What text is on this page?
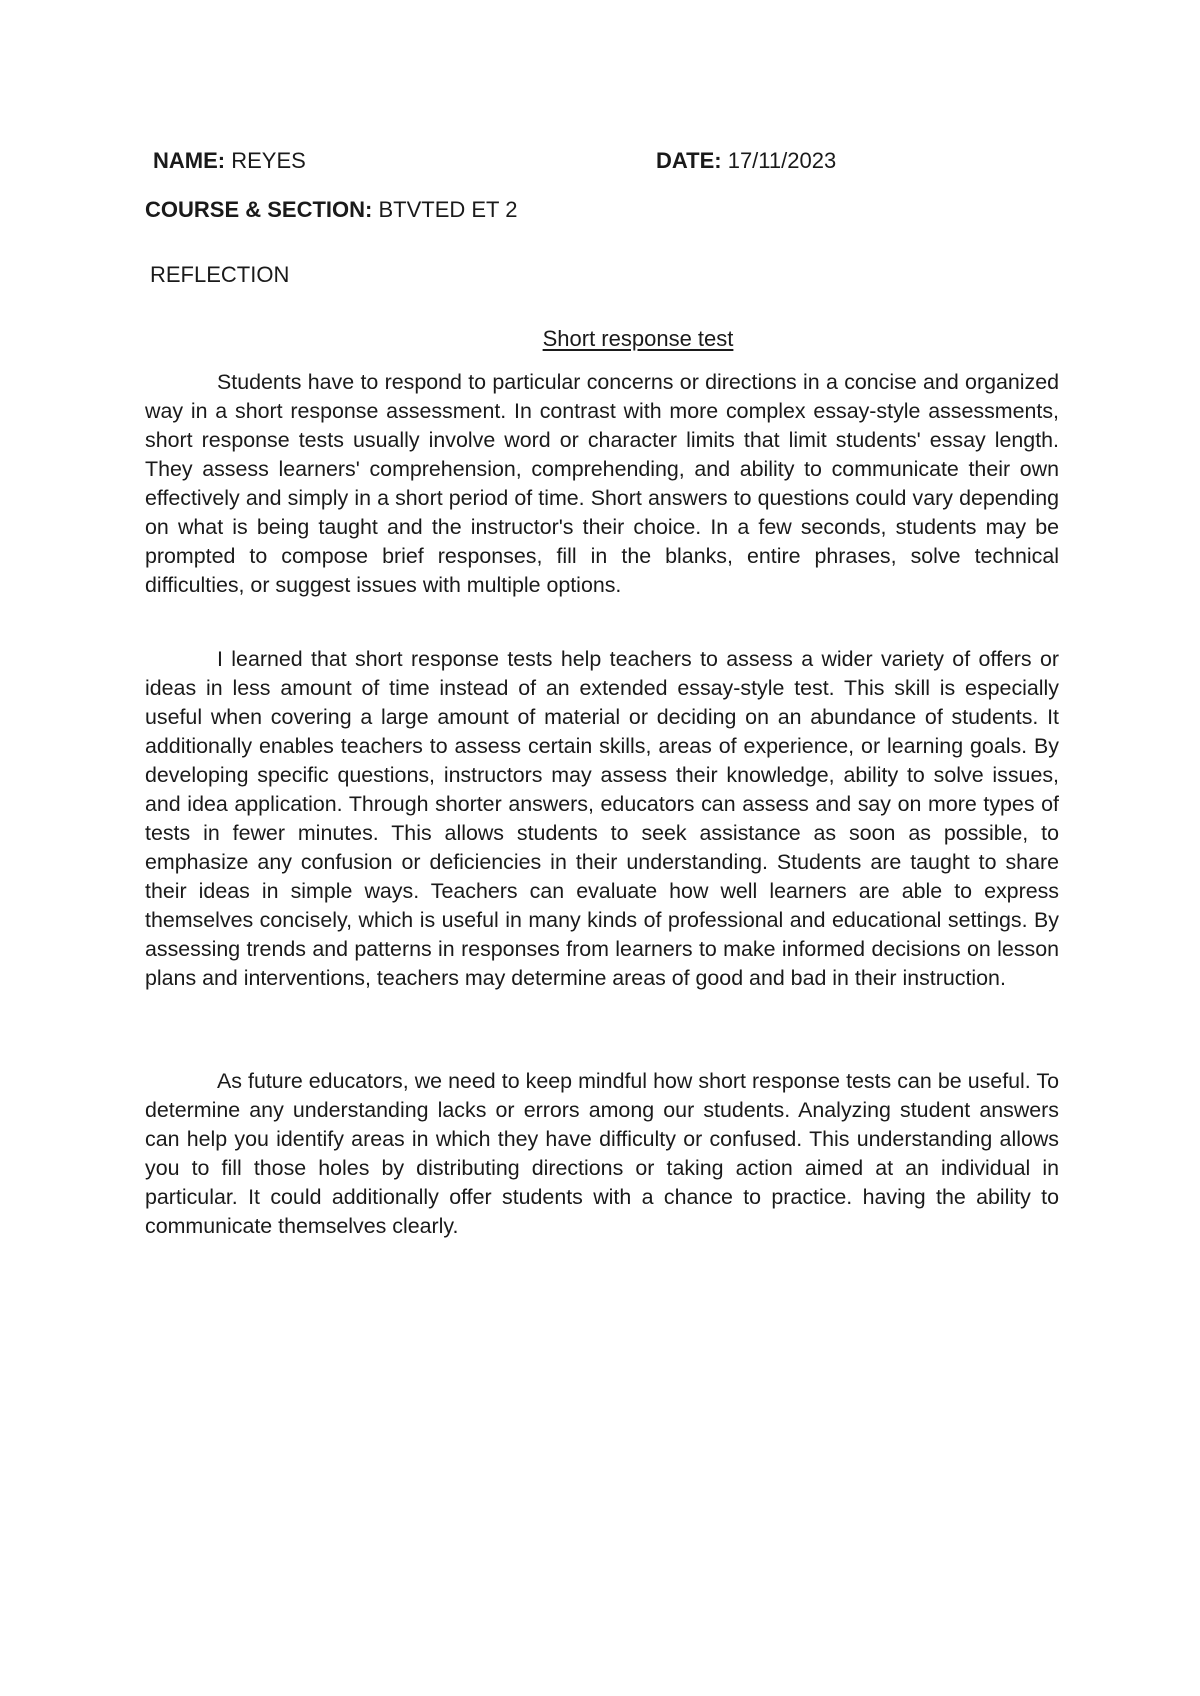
NAME: REYES	DATE: 17/11/2023
COURSE & SECTION: BTVTED ET 2
REFLECTION
Short response test

Students have to respond to particular concerns or directions in a concise and organized way in a short response assessment. In contrast with more complex essay-style assessments, short response tests usually involve word or character limits that limit students' essay length. They assess learners' comprehension, comprehending, and ability to communicate their own effectively and simply in a short period of time. Short answers to questions could vary depending on what is being taught and the instructor's their choice. In a few seconds, students may be prompted to compose brief responses, fill in the blanks, entire phrases, solve technical difficulties, or suggest issues with multiple options.

I learned that short response tests help teachers to assess a wider variety of offers or ideas in less amount of time instead of an extended essay-style test. This skill is especially useful when covering a large amount of material or deciding on an abundance of students. It additionally enables teachers to assess certain skills, areas of experience, or learning goals. By developing specific questions, instructors may assess their knowledge, ability to solve issues, and idea application. Through shorter answers, educators can assess and say on more types of tests in fewer minutes. This allows students to seek assistance as soon as possible, to emphasize any confusion or deficiencies in their understanding. Students are taught to share their ideas in simple ways. Teachers can evaluate how well learners are able to express themselves concisely, which is useful in many kinds of professional and educational settings. By assessing trends and patterns in responses from learners to make informed decisions on lesson plans and interventions, teachers may determine areas of good and bad in their instruction.

As future educators, we need to keep mindful how short response tests can be useful. To determine any understanding lacks or errors among our students. Analyzing student answers can help you identify areas in which they have difficulty or confused. This understanding allows you to fill those holes by distributing directions or taking action aimed at an individual in particular. It could additionally offer students with a chance to practice. having the ability to communicate themselves clearly.
